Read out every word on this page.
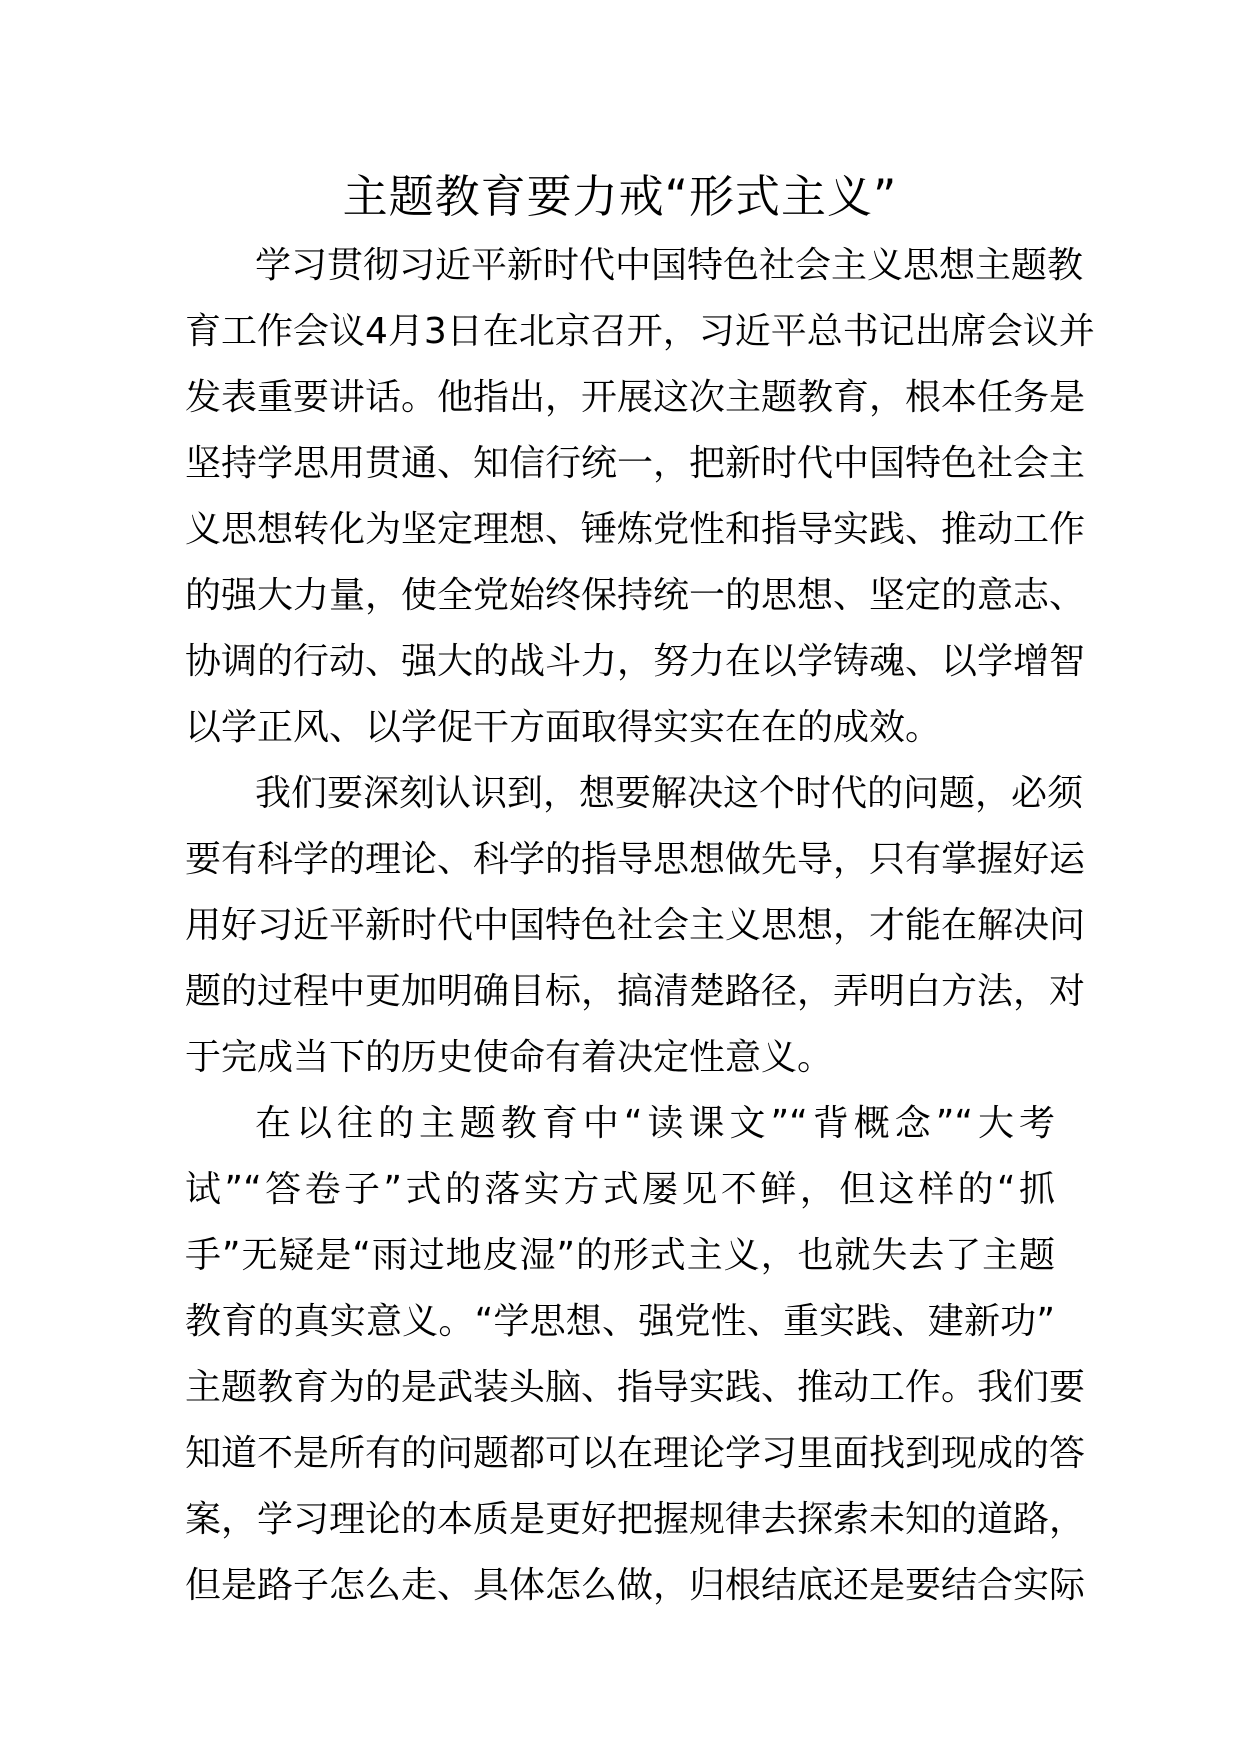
主题教育要力戒“形式主义”
学习贯彻习近平新时代中国特色社会主义思想主题教
育工作会议4月3日在北京召开，习近平总书记出席会议并
发表重要讲话。他指出，开展这次主题教育，根本任务是
坚持学思用贯通、知信行统一，把新时代中国特色社会主
义思想转化为坚定理想、锤炼党性和指导实践、推动工作
的强大力量，使全党始终保持统一的思想、坚定的意志、
协调的行动、强大的战斗力，努力在以学铸魂、以学增智
以学正风、以学促干方面取得实实在在的成效。
我们要深刻认识到，想要解决这个时代的问题，必须
要有科学的理论、科学的指导思想做先导，只有掌握好运
用好习近平新时代中国特色社会主义思想，才能在解决问
题的过程中更加明确目标，搞清楚路径，弄明白方法，对
于完成当下的历史使命有着决定性意义。
在以往的主题教育中“读课文”“背概念”“大考
试”“答卷子”式的落实方式屡见不鲜，但这样的“抓
手”无疑是“雨过地皮湿”的形式主义，也就失去了主题
教育的真实意义。“学思想、强党性、重实践、建新功”
主题教育为的是武装头脑、指导实践、推动工作。我们要
知道不是所有的问题都可以在理论学习里面找到现成的答
案，学习理论的本质是更好把握规律去探索未知的道路，
但是路子怎么走、具体怎么做，归根结底还是要结合实际
